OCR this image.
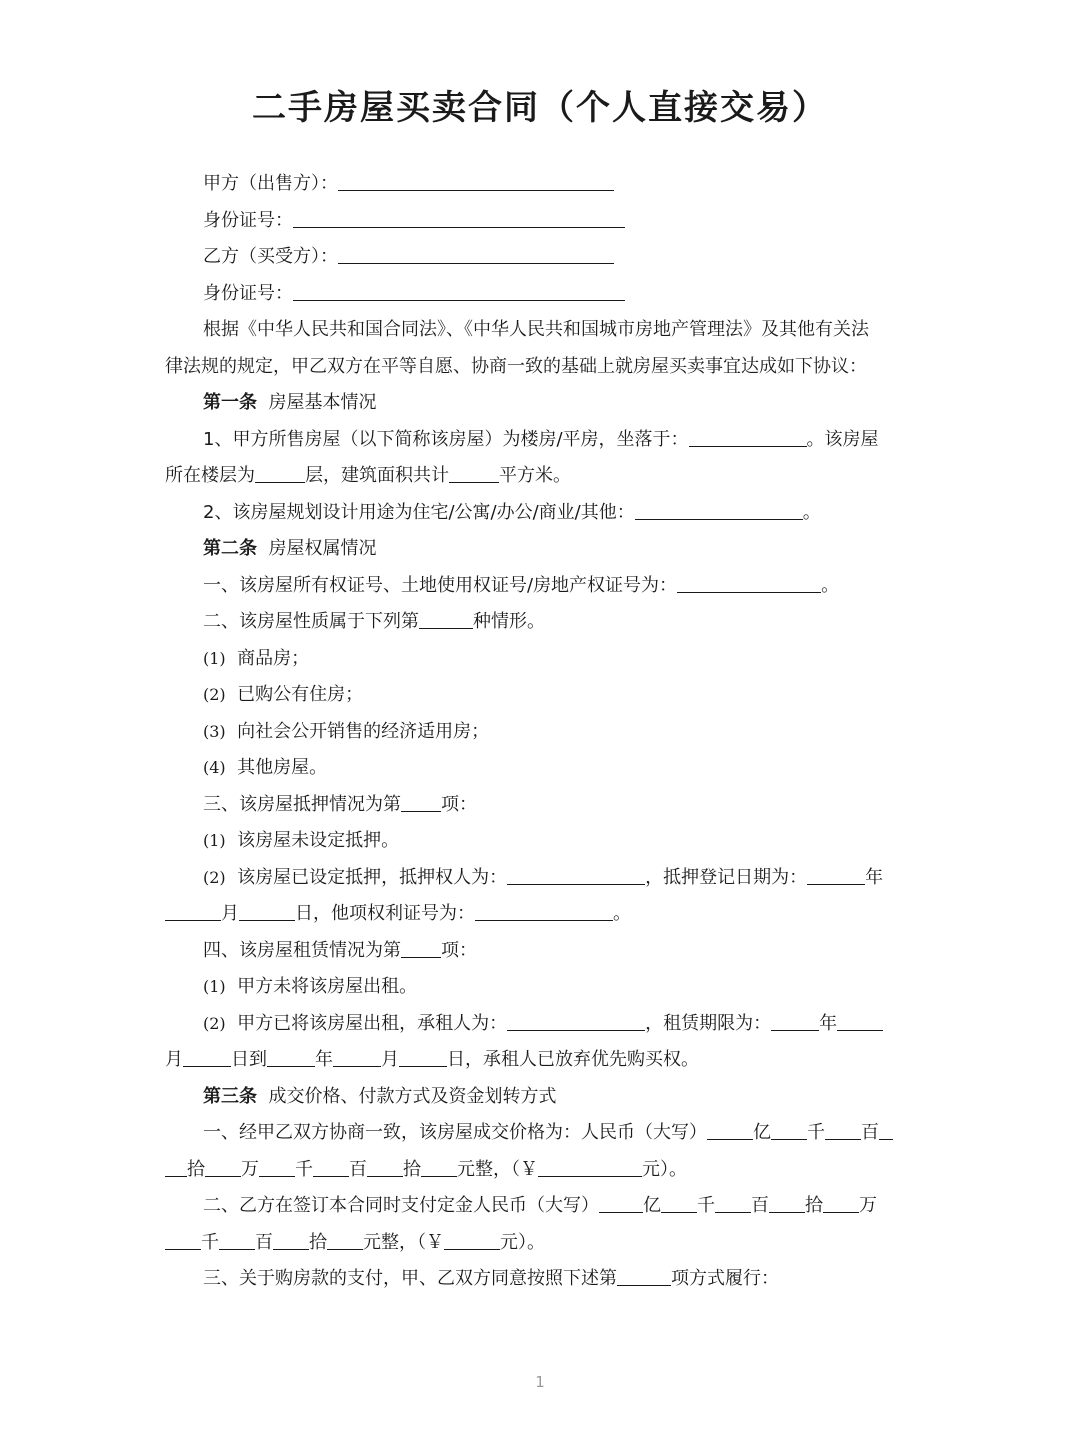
二手房屋买卖合同（个人直接交易）
甲方（出售方）：
身份证号：
乙方（买受方）：
身份证号：
根据《中华人民共和国合同法》、《中华人民共和国城市房地产管理法》及其他有关法
律法规的规定，甲乙双方在平等自愿、协商一致的基础上就房屋买卖事宜达成如下协议：
第一条 房屋基本情况
1、甲方所售房屋（以下简称该房屋）为楼房/平房，坐落于：	。该房屋
所在楼层为	层，建筑面积共计	平方米。
2、该房屋规划设计用途为住宅/公寓/办公/商业/其他：	。
第二条 房屋权属情况
一、该房屋所有权证号、土地使用权证号/房地产权证号为：	。
二、该房屋性质属于下列第	种情形。
(1) 商品房；
(2) 已购公有住房；
(3) 向社会公开销售的经济适用房；
(4) 其他房屋。
三、该房屋抵押情况为第 项：
(1) 该房屋未设定抵押。
(2) 该房屋已设定抵押，抵押权人为：	，抵押登记日期为：	年
月	日，他项权利证号为：	。
四、该房屋租赁情况为第 项：
(1) 甲方未将该房屋出租。
(2) 甲方已将该房屋出租，承租人为：	，租赁期限为：	年
月	日到	年	月	日，承租人已放弃优先购买权。
第三条 成交价格、付款方式及资金划转方式
一、经甲乙双方协商一致，该房屋成交价格为：人民币（大写）	亿 千 百
拾 万 千 百 拾 元整，（￥	元）。
二、乙方在签订本合同时支付定金人民币（大写） 亿 千 百 拾 万
千 百 拾 元整，（￥	元）。
三、关于购房款的支付，甲、乙双方同意按照下述第	项方式履行：
1
